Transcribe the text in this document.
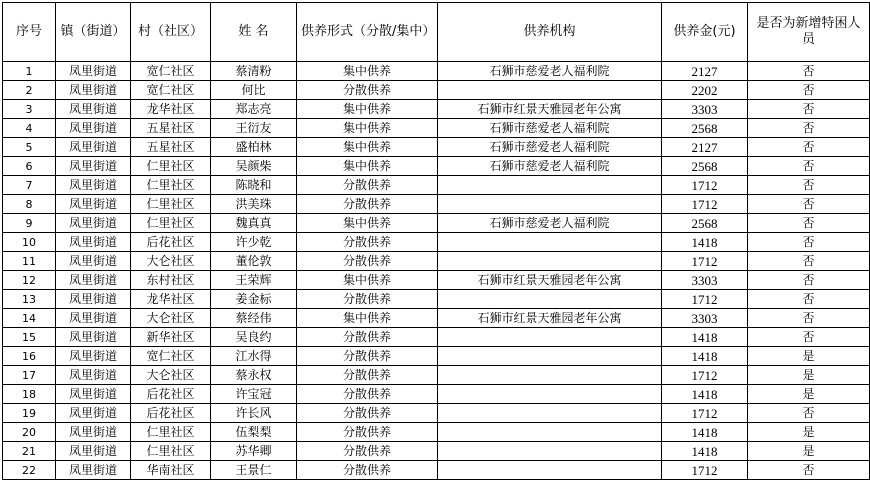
序号	镇（街道）	村（社区）	姓 名	供养形式（分散/集中）	供养机构	供养金(元)	是否为新增特困人员
1	凤里街道	宽仁社区	蔡清粉	集中供养	石狮市慈爱老人福利院	2127	否
2	凤里街道	宽仁社区	何比	分散供养		2202	否
3	凤里街道	龙华社区	郑志亮	集中供养	石狮市红景天雅园老年公寓	3303	否
4	凤里街道	五星社区	王衍友	集中供养	石狮市慈爱老人福利院	2568	否
5	凤里街道	五星社区	盛柏林	集中供养	石狮市慈爱老人福利院	2127	否
6	凤里街道	仁里社区	吴颜柴	集中供养	石狮市慈爱老人福利院	2568	否
7	凤里街道	仁里社区	陈晓和	分散供养		1712	否
8	凤里街道	仁里社区	洪美珠	分散供养		1712	否
9	凤里街道	仁里社区	魏真真	集中供养	石狮市慈爱老人福利院	2568	否
10	凤里街道	后花社区	许少乾	分散供养		1418	否
11	凤里街道	大仑社区	董伦敦	分散供养		1712	否
12	凤里街道	东村社区	王荣辉	集中供养	石狮市红景天雅园老年公寓	3303	否
13	凤里街道	龙华社区	姜金标	分散供养		1712	否
14	凤里街道	大仑社区	蔡经伟	集中供养	石狮市红景天雅园老年公寓	3303	否
15	凤里街道	新华社区	吴良约	分散供养		1418	否
16	凤里街道	宽仁社区	江水得	分散供养		1418	是
17	凤里街道	大仑社区	蔡永权	分散供养		1712	是
18	凤里街道	后花社区	许宝冠	分散供养		1418	是
19	凤里街道	后花社区	许长风	分散供养		1712	否
20	凤里街道	仁里社区	伍梨梨	分散供养		1418	是
21	凤里街道	仁里社区	苏华卿	分散供养		1418	是
22	凤里街道	华南社区	王景仁	分散供养		1712	否
